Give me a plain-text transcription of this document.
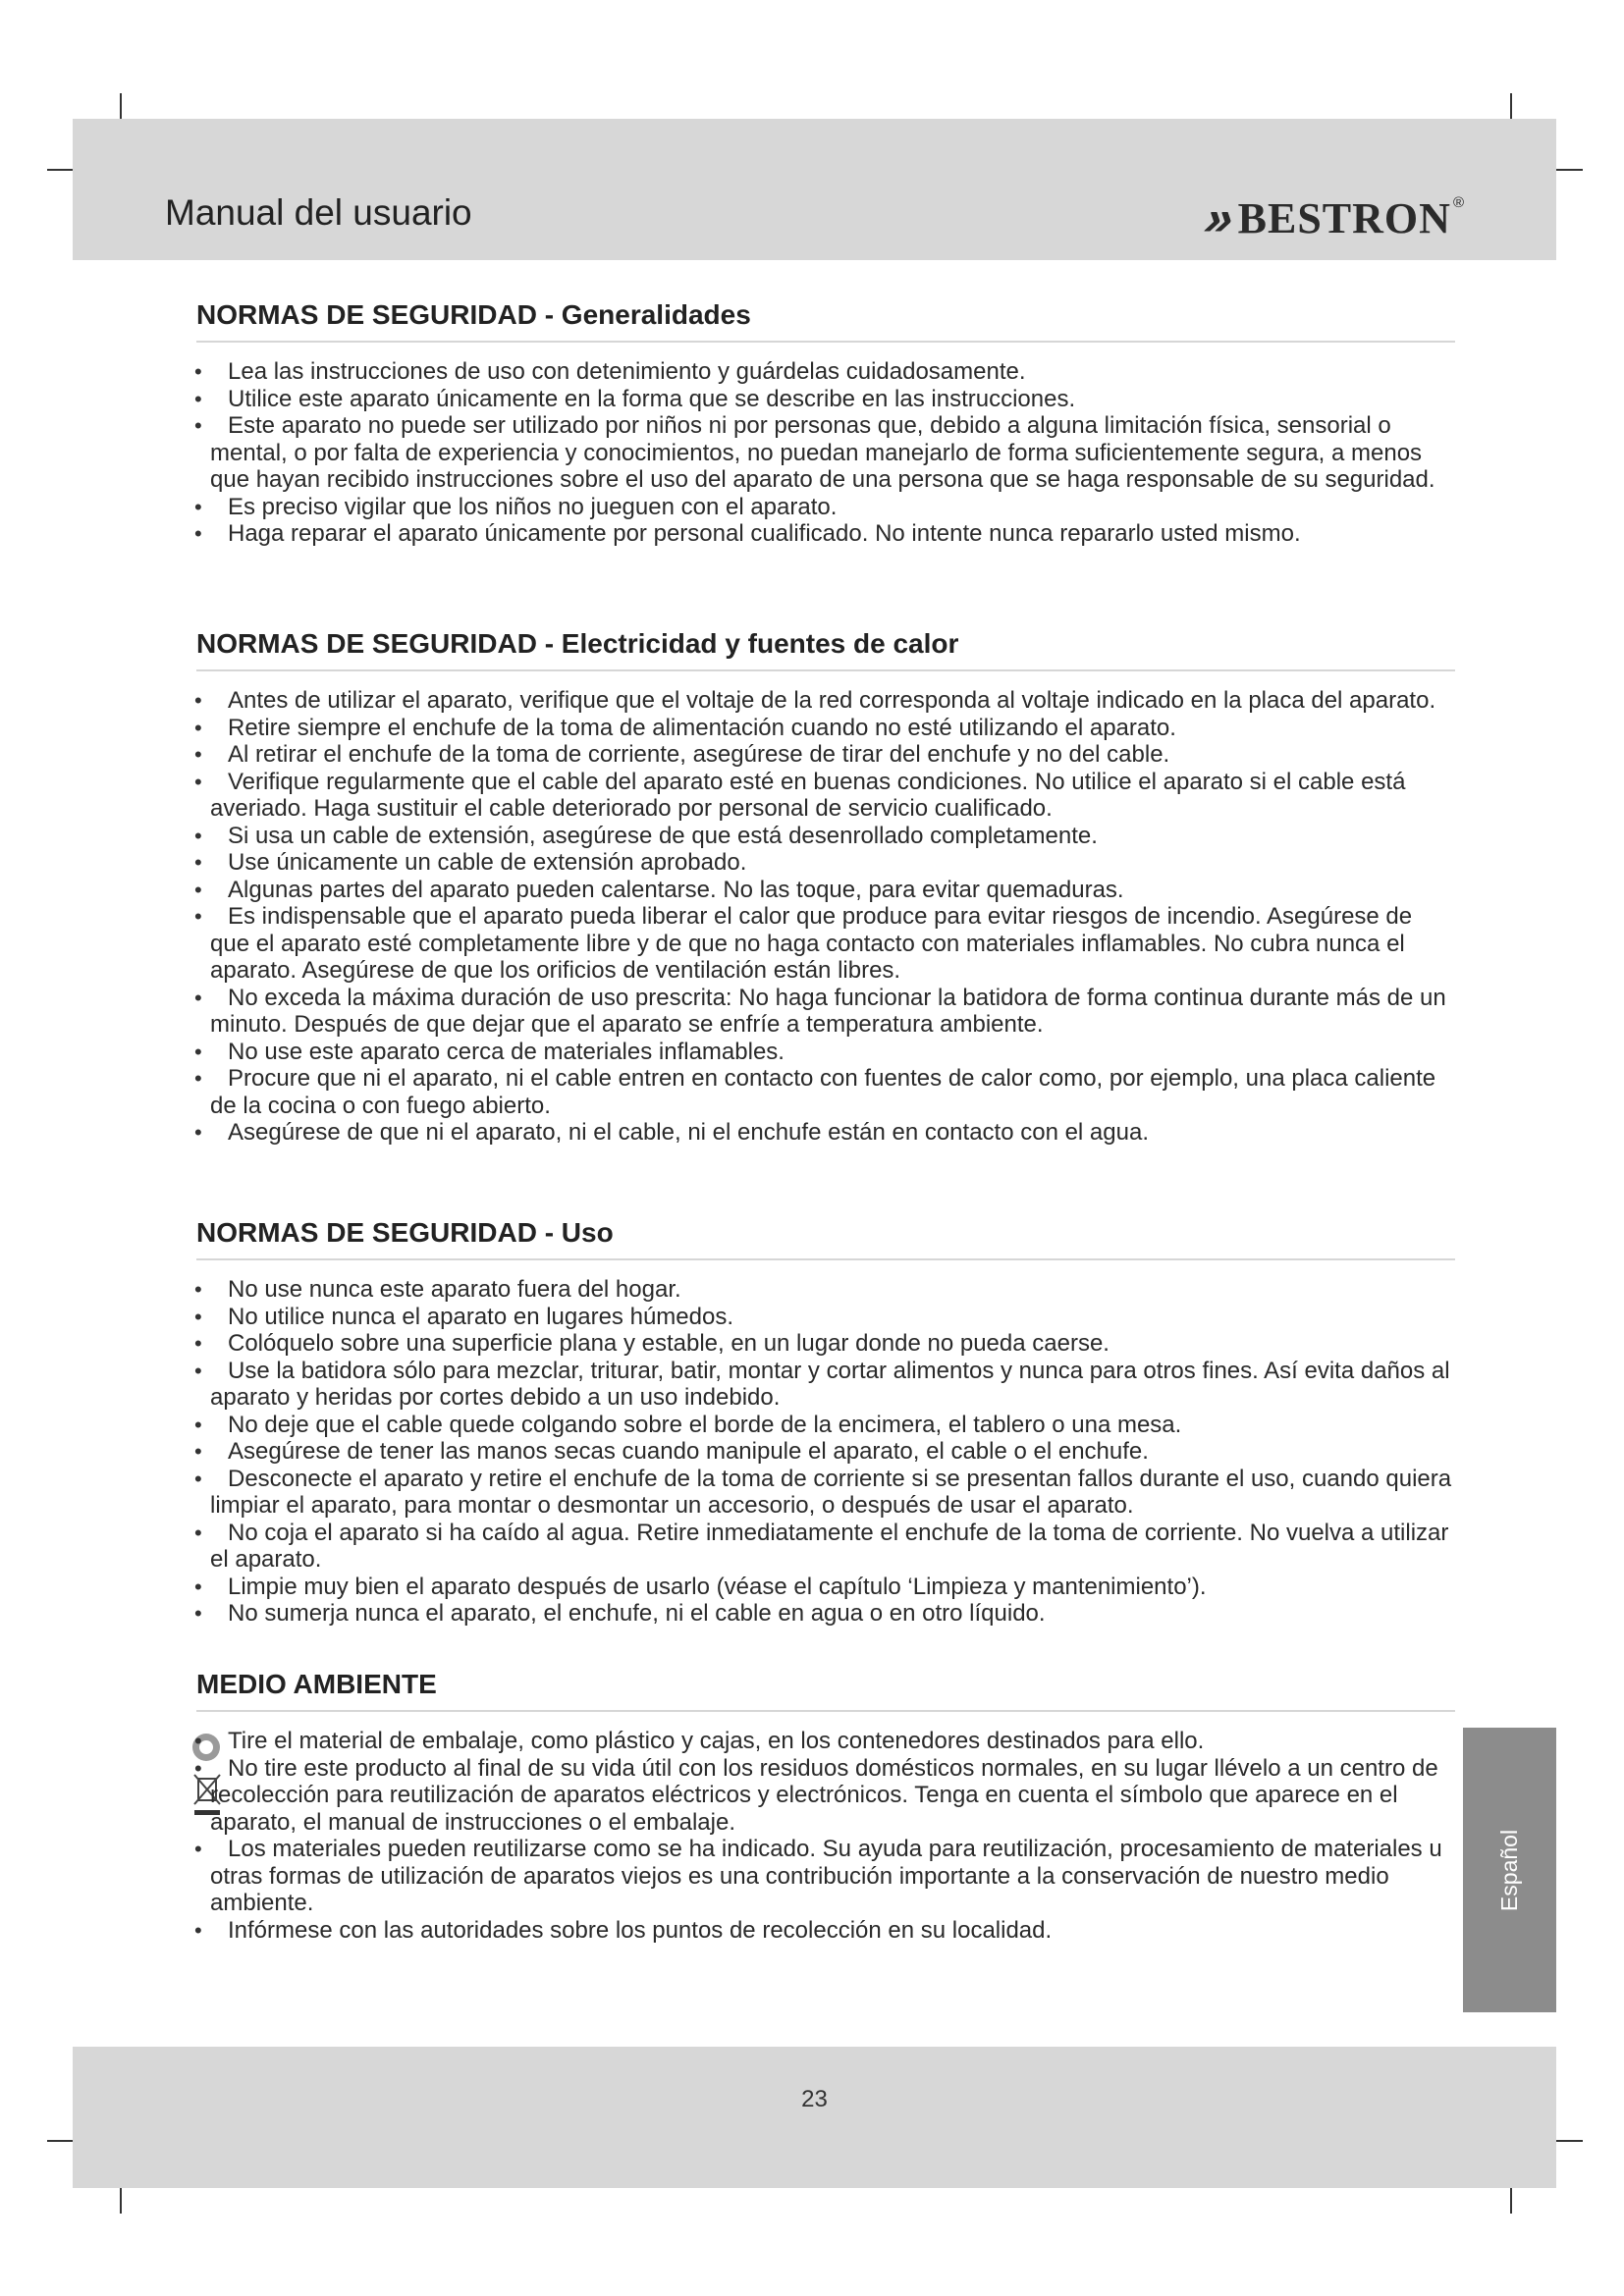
Manual del usuario	» BESTRON ®
NORMAS DE SEGURIDAD - Generalidades
• Lea las instrucciones de uso con detenimiento y guárdelas cuidadosamente.
• Utilice este aparato únicamente en la forma que se describe en las instrucciones.
• Este aparato no puede ser utilizado por niños ni por personas que, debido a alguna limitación física, sensorial o mental, o por falta de experiencia y conocimientos, no puedan manejarlo de forma suficientemente segura, a menos que hayan recibido instrucciones sobre el uso del aparato de una persona que se haga responsable de su seguridad.
• Es preciso vigilar que los niños no jueguen con el aparato.
• Haga reparar el aparato únicamente por personal cualificado. No intente nunca repararlo usted mismo.
NORMAS DE SEGURIDAD - Electricidad y fuentes de calor
• Antes de utilizar el aparato, verifique que el voltaje de la red corresponda al voltaje indicado en la placa del aparato.
• Retire siempre el enchufe de la toma de alimentación cuando no esté utilizando el aparato.
• Al retirar el enchufe de la toma de corriente, asegúrese de tirar del enchufe y no del cable.
• Verifique regularmente que el cable del aparato esté en buenas condiciones. No utilice el aparato si el cable está averiado. Haga sustituir el cable deteriorado por personal de servicio cualificado.
• Si usa un cable de extensión, asegúrese de que está desenrollado completamente.
• Use únicamente un cable de extensión aprobado.
• Algunas partes del aparato pueden calentarse. No las toque, para evitar quemaduras.
• Es indispensable que el aparato pueda liberar el calor que produce para evitar riesgos de incendio. Asegúrese de que el aparato esté completamente libre y de que no haga contacto con materiales inflamables. No cubra nunca el aparato. Asegúrese de que los orificios de ventilación están libres.
• No exceda la máxima duración de uso prescrita: No haga funcionar la batidora de forma continua durante más de un minuto. Después de que dejar que el aparato se enfríe a temperatura ambiente.
• No use este aparato cerca de materiales inflamables.
• Procure que ni el aparato, ni el cable entren en contacto con fuentes de calor como, por ejemplo, una placa caliente de la cocina o con fuego abierto.
• Asegúrese de que ni el aparato, ni el cable, ni el enchufe están en contacto con el agua.
NORMAS DE SEGURIDAD - Uso
• No use nunca este aparato fuera del hogar.
• No utilice nunca el aparato en lugares húmedos.
• Colóquelo sobre una superficie plana y estable, en un lugar donde no pueda caerse.
• Use la batidora sólo para mezclar, triturar, batir, montar y cortar alimentos y nunca para otros fines. Así evita daños al aparato y heridas por cortes debido a un uso indebido.
• No deje que el cable quede colgando sobre el borde de la encimera, el tablero o una mesa.
• Asegúrese de tener las manos secas cuando manipule el aparato, el cable o el enchufe.
• Desconecte el aparato y retire el enchufe de la toma de corriente si se presentan fallos durante el uso, cuando quiera limpiar el aparato, para montar o desmontar un accesorio, o después de usar el aparato.
• No coja el aparato si ha caído al agua. Retire inmediatamente el enchufe de la toma de corriente. No vuelva a utilizar el aparato.
• Limpie muy bien el aparato después de usarlo (véase el capítulo ‘Limpieza y mantenimiento’).
• No sumerja nunca el aparato, el enchufe, ni el cable en agua o en otro líquido.
MEDIO AMBIENTE
• Tire el material de embalaje, como plástico y cajas, en los contenedores destinados para ello.
• No tire este producto al final de su vida útil con los residuos domésticos normales, en su lugar llévelo a un centro de recolección para reutilización de aparatos eléctricos y electrónicos. Tenga en cuenta el símbolo que aparece en el aparato, el manual de instrucciones o el embalaje.
• Los materiales pueden reutilizarse como se ha indicado. Su ayuda para reutilización, procesamiento de materiales u otras formas de utilización de aparatos viejos es una contribución importante a la conservación de nuestro medio ambiente.
• Infórmese con las autoridades sobre los puntos de recolección en su localidad.
Español
23
